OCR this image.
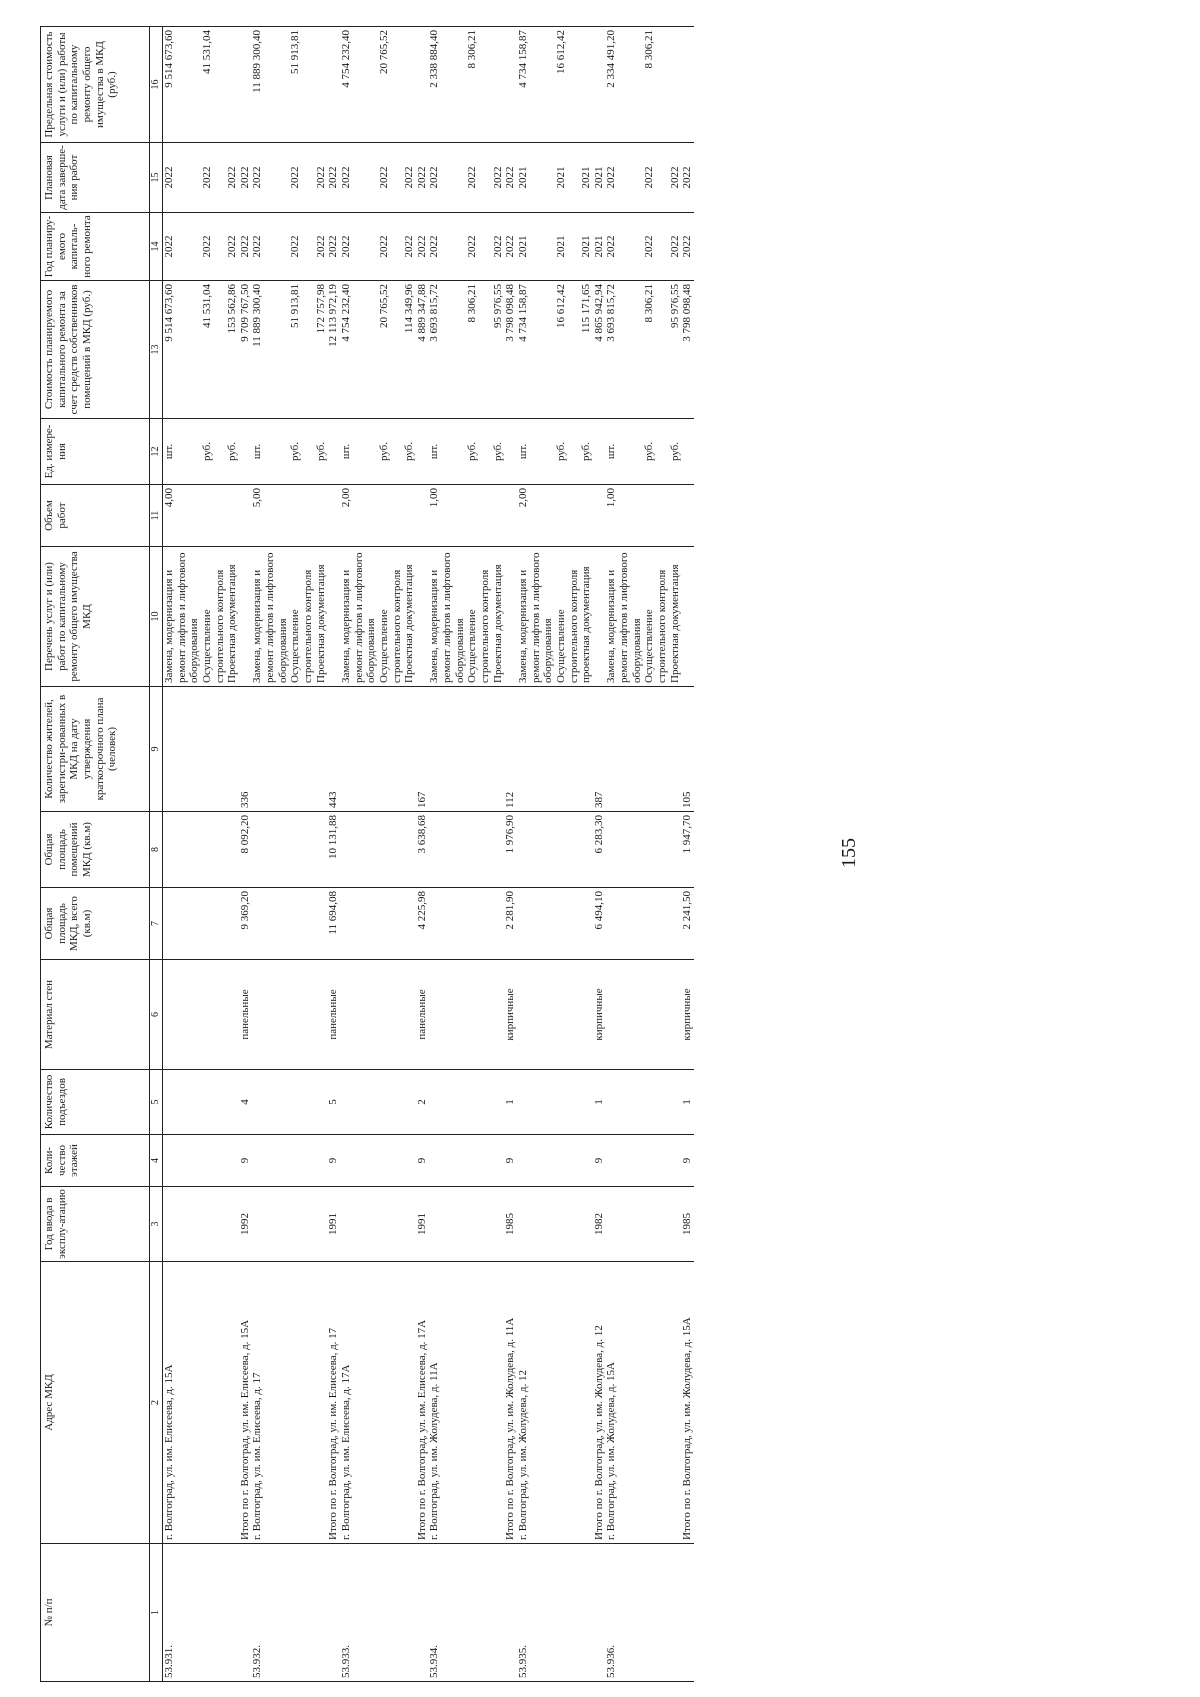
155
№ п/п	Адрес МКД	Год ввода в эксплу-атацию	Коли-чество этажей	Количество подъездов	Материал стен	Общая площадь МКД, всего (кв.м)	Общая площадь помещений МКД (кв.м)	Количество жителей, зарегистри-рованных в МКД на дату утверждения краткосрочного плана (человек)	Перечень услуг и (или) работ по капитальному ремонту общего имущества МКД	Объем работ	Ед. измере-ния	Стоимость планируемого капитального ремонта за счет средств собственников помещений в МКД (руб.)	Год планиру-емого капиталь-ного ремонта	Плановая дата заверше-ния работ	Предельная стоимость услуги и (или) работы по капитальному ремонту общего имущества в МКД (руб.)
1	2	3	4	5	6	7	8	9	10	11	12	13	14	15	16
53.931.	г. Волгоград, ул. им. Елисеева, д. 15А								Замена, модернизация и ремонт лифтов и лифтового оборудования	4,00	шт.	9 514 673,60	2022	2022	9 514 673,60
									Осуществление строительного контроля		руб.	41 531,04	2022	2022	41 531,04
									Проектная документация		руб.	153 562,86	2022	2022	
	Итого по г. Волгоград, ул. им. Елисеева, д. 15А	1992	9	4	панельные	9 369,20	8 092,20	336				9 709 767,50	2022	2022	
53.932.	г. Волгоград, ул. им. Елисеева, д. 17								Замена, модернизация и ремонт лифтов и лифтового оборудования	5,00	шт.	11 889 300,40	2022	2022	11 889 300,40
									Осуществление строительного контроля		руб.	51 913,81	2022	2022	51 913,81
									Проектная документация		руб.	172 757,98	2022	2022	
	Итого по г. Волгоград, ул. им. Елисеева, д. 17	1991	9	5	панельные	11 694,08	10 131,88	443				12 113 972,19	2022	2022	
53.933.	г. Волгоград, ул. им. Елисеева, д. 17А								Замена, модернизация и ремонт лифтов и лифтового оборудования	2,00	шт.	4 754 232,40	2022	2022	4 754 232,40
									Осуществление строительного контроля		руб.	20 765,52	2022	2022	20 765,52
									Проектная документация		руб.	114 349,96	2022	2022	
	Итого по г. Волгоград, ул. им. Елисеева, д. 17А	1991	9	2	панельные	4 225,98	3 638,68	167				4 889 347,88	2022	2022	
53.934.	г. Волгоград, ул. им. Жолудева, д. 11А								Замена, модернизация и ремонт лифтов и лифтового оборудования	1,00	шт.	3 693 815,72	2022	2022	2 338 884,40
									Осуществление строительного контроля		руб.	8 306,21	2022	2022	8 306,21
									Проектная документация		руб.	95 976,55	2022	2022	
	Итого по г. Волгоград, ул. им. Жолудева, д. 11А	1985	9	1	кирпичные	2 281,90	1 976,90	112				3 798 098,48	2022	2022	
53.935.	г. Волгоград, ул. им. Жолудева, д. 12								Замена, модернизация и ремонт лифтов и лифтового оборудования	2,00	шт.	4 734 158,87	2021	2021	4 734 158,87
									Осуществление строительного контроля		руб.	16 612,42	2021	2021	16 612,42
									проектная документация		руб.	115 171,65	2021	2021	
	Итого по г. Волгоград, ул. им. Жолудева, д. 12	1982	9	1	кирпичные	6 494,10	6 283,30	387				4 865 942,94	2021	2021	
53.936.	г. Волгоград, ул. им. Жолудева, д. 15А								Замена, модернизация и ремонт лифтов и лифтового оборудования	1,00	шт.	3 693 815,72	2022	2022	2 334 491,20
									Осуществление строительного контроля		руб.	8 306,21	2022	2022	8 306,21
									Проектная документация		руб.	95 976,55	2022	2022	
	Итого по г. Волгоград, ул. им. Жолудева, д. 15А	1985	9	1	кирпичные	2 241,50	1 947,70	105				3 798 098,48	2022	2022	
